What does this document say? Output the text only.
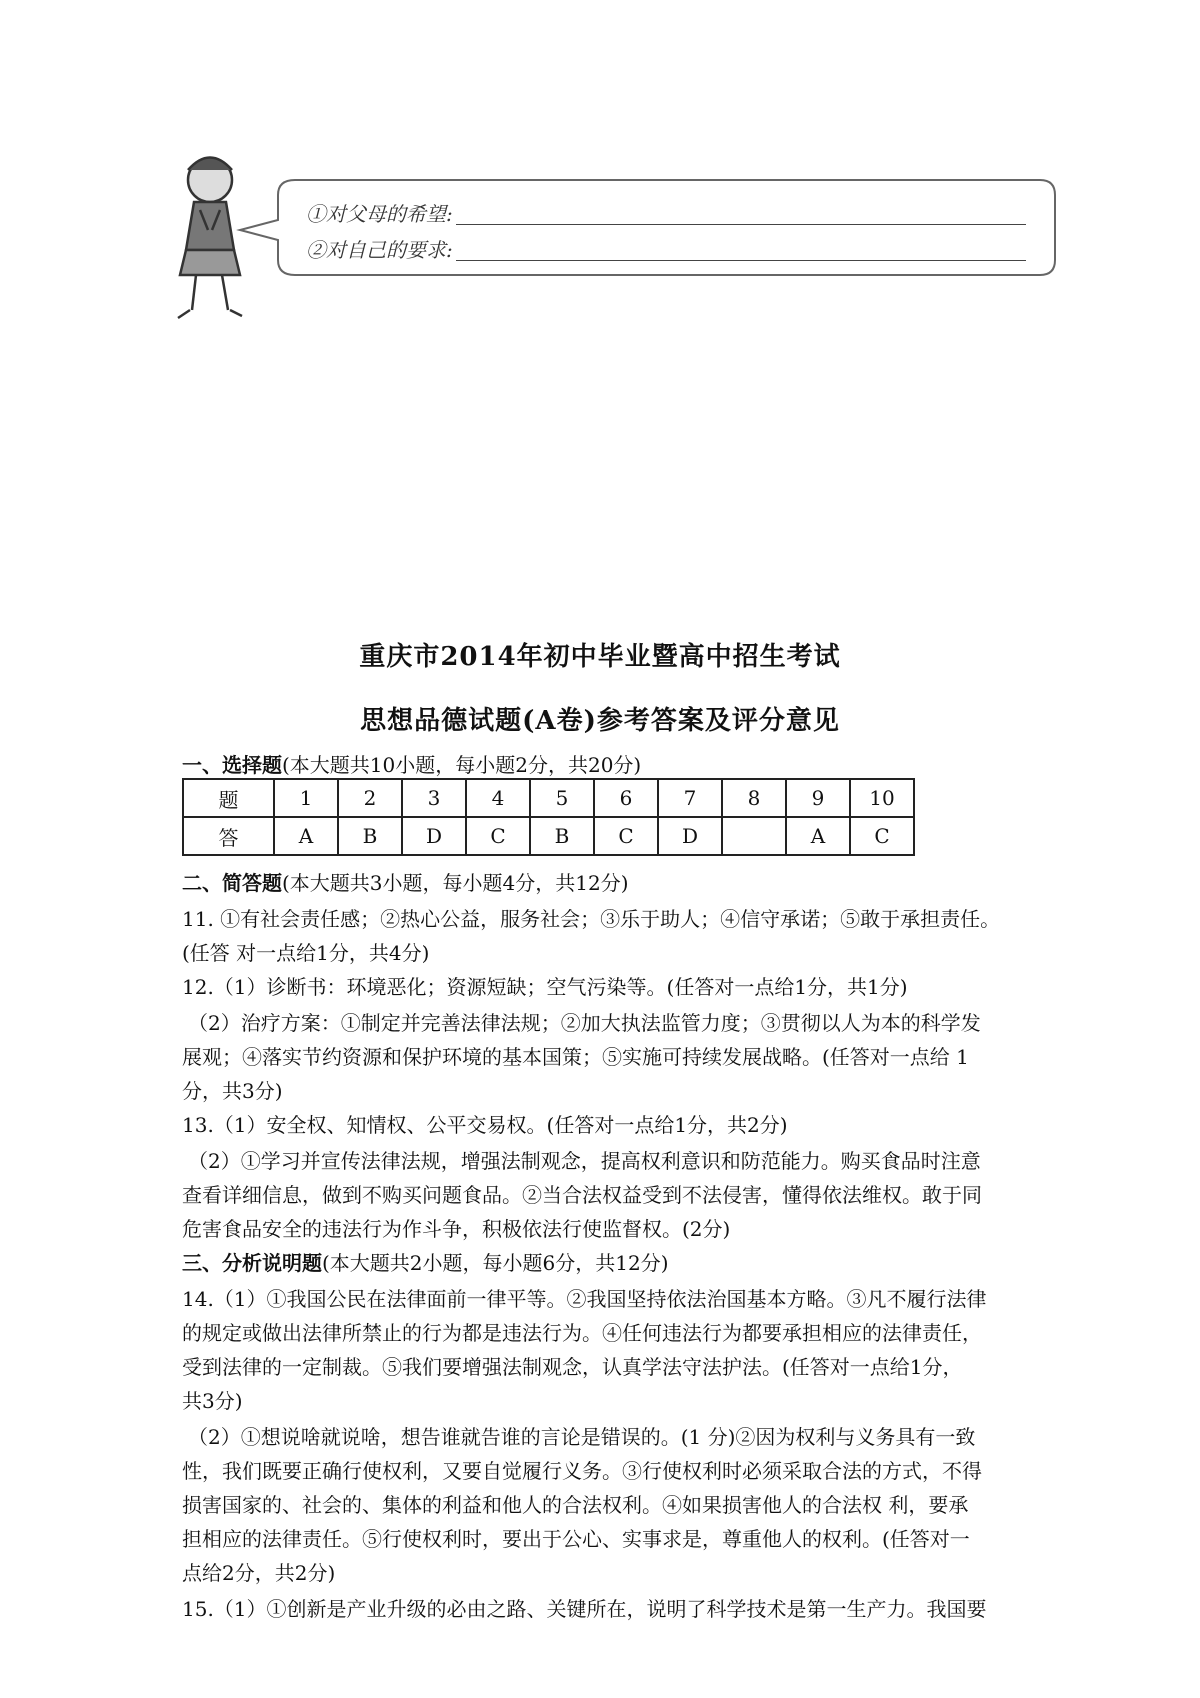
①对父母的希望:
②对自己的要求:
重庆市2014年初中毕业暨高中招生考试
思想品德试题(A卷)参考答案及评分意见
一、选择题(本大题共10小题，每小题2分，共20分)
题	1	2	3	4	5	6	7	8	9	10
答	A	B	D	C	B	C	D		A	C
二、简答题(本大题共3小题，每小题4分，共12分)
11. ①有社会责任感；②热心公益，服务社会；③乐于助人；④信守承诺；⑤敢于承担责任。
(任答 对一点给1分，共4分)
12.（1）诊断书：环境恶化；资源短缺；空气污染等。(任答对一点给1分，共1分)
（2）治疗方案：①制定并完善法律法规；②加大执法监管力度；③贯彻以人为本的科学发
展观；④落实节约资源和保护环境的基本国策；⑤实施可持续发展战略。(任答对一点给 1
分，共3分)
13.（1）安全权、知情权、公平交易权。(任答对一点给1分，共2分)
（2）①学习并宣传法律法规，增强法制观念，提高权利意识和防范能力。购买食品时注意
查看详细信息，做到不购买问题食品。②当合法权益受到不法侵害，懂得依法维权。敢于同
危害食品安全的违法行为作斗争，积极依法行使监督权。(2分)
三、分析说明题(本大题共2小题，每小题6分，共12分)
14.（1）①我国公民在法律面前一律平等。②我国坚持依法治国基本方略。③凡不履行法律
的规定或做出法律所禁止的行为都是违法行为。④任何违法行为都要承担相应的法律责任，
受到法律的一定制裁。⑤我们要增强法制观念，认真学法守法护法。(任答对一点给1分，
共3分)
（2）①想说啥就说啥，想告谁就告谁的言论是错误的。(1 分)②因为权利与义务具有一致
性，我们既要正确行使权利，又要自觉履行义务。③行使权利时必须采取合法的方式，不得
损害国家的、社会的、集体的利益和他人的合法权利。④如果损害他人的合法权 利，要承
担相应的法律责任。⑤行使权利时，要出于公心、实事求是，尊重他人的权利。(任答对一
点给2分，共2分)
15.（1）①创新是产业升级的必由之路、关键所在，说明了科学技术是第一生产力。我国要
